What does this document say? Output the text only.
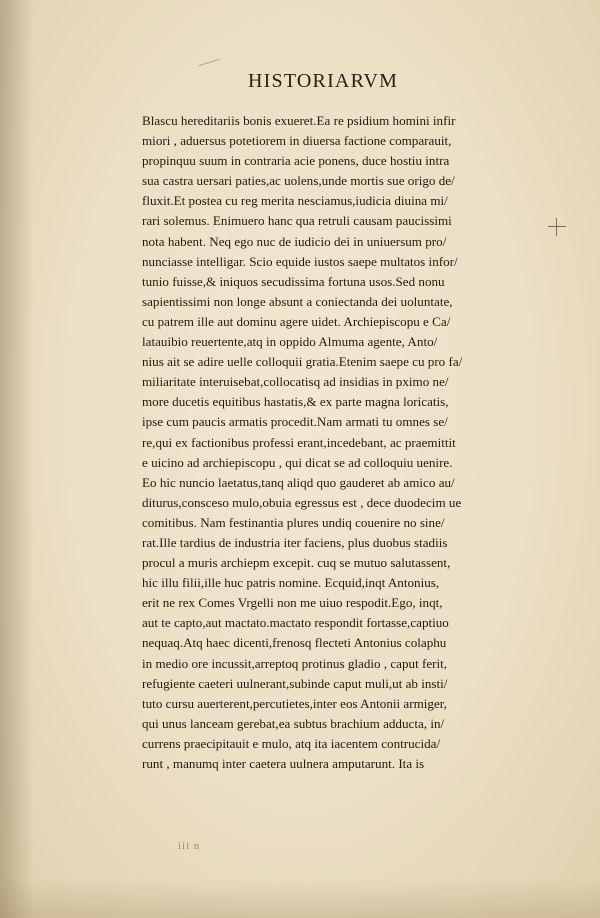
HISTORIARVM
Blascu hereditariis bonis exueret.Ea re psidium homini infir
miori , aduersus potetiorem in diuersa factione comparauit,
propinquu suum in contraria acie ponens, duce hostiu intra
sua castra uersari paties,ac uolens,unde mortis sue origo de/
fluxit.Et postea cu reg merita nesciamus,iudicia diuina mi/
rari solemus. Enimuero hanc qua retruli causam paucissimi
nota habent. Neq ego nuc de iudicio dei in uniuersum pro/
nunciasse intelligar. Scio equide iustos saepe multatos infor/
tunio fuisse,& iniquos secudissima fortuna usos.Sed nonu
sapientissimi non longe absunt a coniectanda dei uoluntate,
cu patrem ille aut dominu agere uidet. Archiepiscopu e Ca/
latauibio reuertente,atq in oppido Almuma agente, Anto/
nius ait se adire uelle colloquii gratia.Etenim saepe cu pro fa/
miliaritate interuisebat,collocatisq ad insidias in pximo ne/
more ducetis equitibus hastatis,& ex parte magna loricatis,
ipse cum paucis armatis procedit.Nam armati tu omnes se/
re,qui ex factionibus professi erant,incedebant, ac praemittit
e uicino ad archiepiscopu , qui dicat se ad colloquiu uenire.
Eo hic nuncio laetatus,tanq aliqd quo gauderet ab amico au/
diturus,consceso mulo,obuia egressus est , dece duodecim ue
comitibus. Nam festinantia plures undiq couenire no sine/
rat.Ille tardius de industria iter faciens, plus duobus stadiis
procul a muris archiepm excepit. cuq se mutuo salutassent,
hic illu filii,ille huc patris nomine. Ecquid,inqt Antonius,
erit ne rex Comes Vrgelli non me uiuo respodit.Ego, inqt,
aut te capto,aut mactato.mactato respondit fortasse,captiuo
nequaq.Atq haec dicenti,frenosq flecteti Antonius colaphu
in medio ore incussit,arreptoq protinus gladio , caput ferit,
refugiente caeteri uulnerant,subinde caput muli,ut ab insti/
tuto cursu auerterent,percutietes,inter eos Antonii armiger,
qui unus lanceam gerebat,ea subtus brachium adducta, in/
currens praecipitauit e mulo, atq ita iacentem contrucida/
runt , manumq inter caetera uulnera amputarunt. Ita is
iii n
